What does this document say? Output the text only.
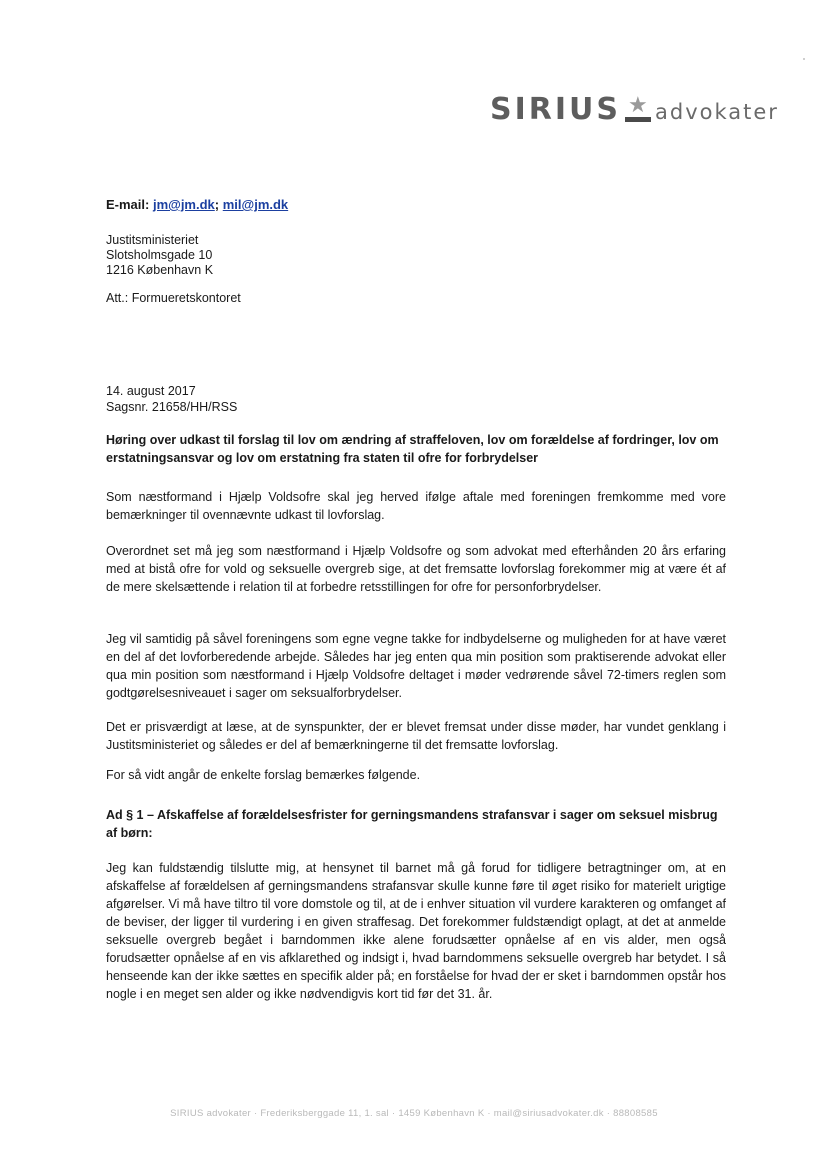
SIRIUS ★ advokater
E-mail: jm@jm.dk; mil@jm.dk
Justitsministeriet
Slotsholmsgade 10
1216 København K
Att.: Formueretskontoret
14. august 2017
Sagsnr. 21658/HH/RSS
Høring over udkast til forslag til lov om ændring af straffeloven, lov om forældelse af fordringer, lov om erstatningsansvar og lov om erstatning fra staten til ofre for forbrydelser
Som næstformand i Hjælp Voldsofre skal jeg herved ifølge aftale med foreningen fremkomme med vore bemærkninger til ovennævnte udkast til lovforslag.
Overordnet set må jeg som næstformand i Hjælp Voldsofre og som advokat med efterhånden 20 års erfaring med at bistå ofre for vold og seksuelle overgreb sige, at det fremsatte lovforslag forekommer mig at være ét af de mere skelsættende i relation til at forbedre retsstillingen for ofre for personforbrydelser.
Jeg vil samtidig på såvel foreningens som egne vegne takke for indbydelserne og muligheden for at have været en del af det lovforberedende arbejde. Således har jeg enten qua min position som praktiserende advokat eller qua min position som næstformand i Hjælp Voldsofre deltaget i møder vedrørende såvel 72-timers reglen som godtgørelsesniveauet i sager om seksualforbrydelser.
Det er prisværdigt at læse, at de synspunkter, der er blevet fremsat under disse møder, har vundet genklang i Justitsministeriet og således er del af bemærkningerne til det fremsatte lovforslag.
For så vidt angår de enkelte forslag bemærkes følgende.
Ad § 1 – Afskaffelse af forældelsesfrister for gerningsmandens strafansvar i sager om seksuel misbrug af børn:
Jeg kan fuldstændig tilslutte mig, at hensynet til barnet må gå forud for tidligere betragtninger om, at en afskaffelse af forældelsen af gerningsmandens strafansvar skulle kunne føre til øget risiko for materielt urigtige afgørelser. Vi må have tiltro til vore domstole og til, at de i enhver situation vil vurdere karakteren og omfanget af de beviser, der ligger til vurdering i en given straffesag. Det forekommer fuldstændigt oplagt, at det at anmelde seksuelle overgreb begået i barndommen ikke alene forudsætter opnåelse af en vis alder, men også forudsætter opnåelse af en vis afklarethed og indsigt i, hvad barndommens seksuelle overgreb har betydet. I så henseende kan der ikke sættes en specifik alder på; en forståelse for hvad der er sket i barndommen opstår hos nogle i en meget sen alder og ikke nødvendigvis kort tid før det 31. år.
SIRIUS advokater · Frederiksberggade 11, 1. sal · 1459 København K · mail@siriusadvokater.dk · 88808585
